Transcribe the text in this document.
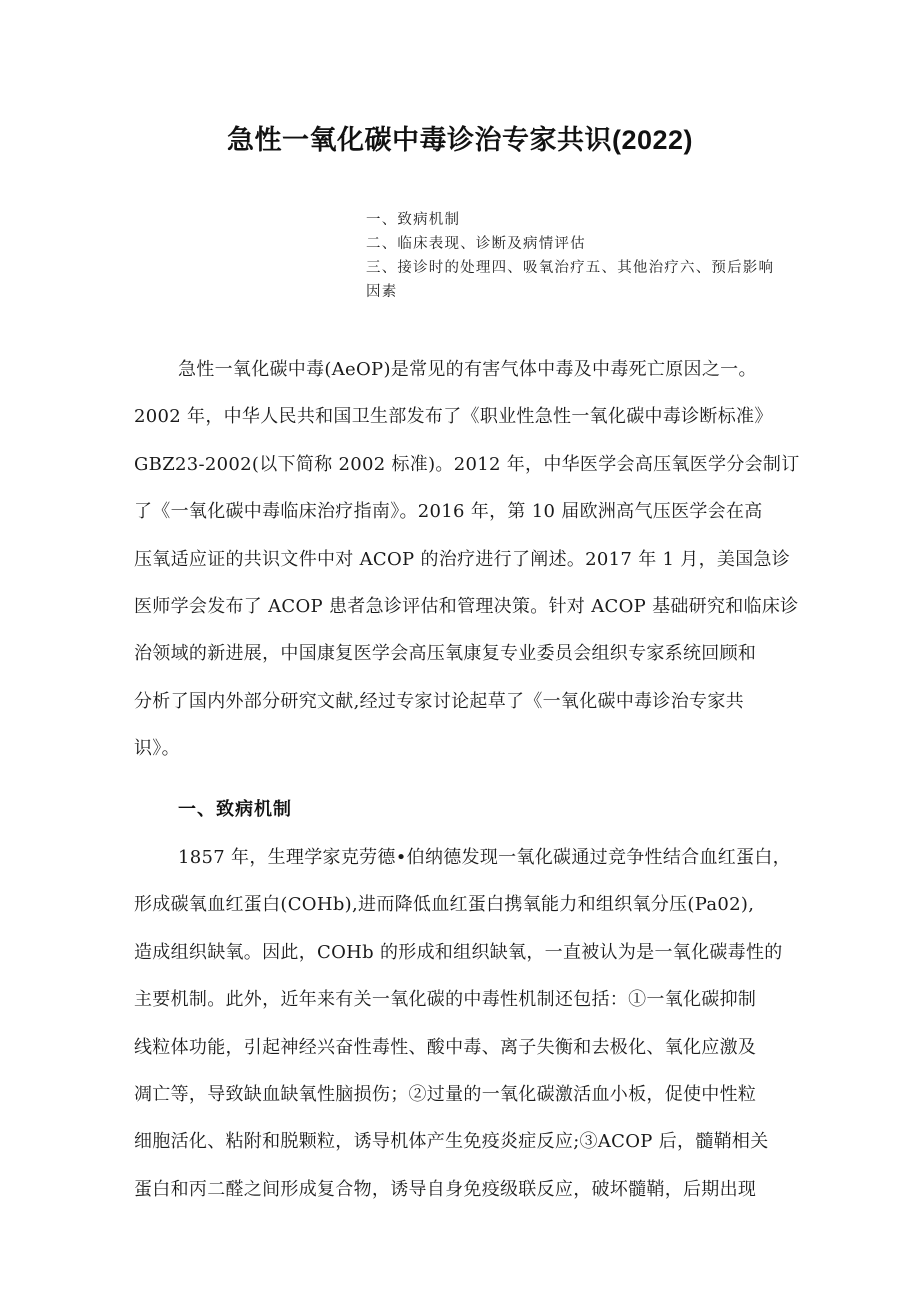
急性一氧化碳中毒诊治专家共识(2022)
一、致病机制
二、临床表现、诊断及病情评估
三、接诊时的处理四、吸氧治疗五、其他治疗六、预后影响
因素
急性一氧化碳中毒(AeOP)是常见的有害气体中毒及中毒死亡原因之一。
2002 年，中华人民共和国卫生部发布了《职业性急性一氧化碳中毒诊断标准》
GBZ23-2002(以下简称 2002 标准)。2012 年，中华医学会高压氧医学分会制订
了《一氧化碳中毒临床治疗指南》。2016 年，第 10 届欧洲高气压医学会在高
压氧适应证的共识文件中对 ACOP 的治疗进行了阐述。2017 年 1 月，美国急诊
医师学会发布了 ACOP 患者急诊评估和管理决策。针对 ACOP 基础研究和临床诊
治领域的新进展，中国康复医学会高压氧康复专业委员会组织专家系统回顾和
分析了国内外部分研究文献,经过专家讨论起草了《一氧化碳中毒诊治专家共
识》。
一、致病机制
1857 年，生理学家克劳德•伯纳德发现一氧化碳通过竞争性结合血红蛋白，
形成碳氧血红蛋白(COHb),进而降低血红蛋白携氧能力和组织氧分压(Pa02),
造成组织缺氧。因此，COHb 的形成和组织缺氧，一直被认为是一氧化碳毒性的
主要机制。此外，近年来有关一氧化碳的中毒性机制还包括：①一氧化碳抑制
线粒体功能，引起神经兴奋性毒性、酸中毒、离子失衡和去极化、氧化应激及
凋亡等，导致缺血缺氧性脑损伤；②过量的一氧化碳激活血小板，促使中性粒
细胞活化、粘附和脱颗粒，诱导机体产生免疫炎症反应;③ACOP 后，髓鞘相关
蛋白和丙二醛之间形成复合物，诱导自身免疫级联反应，破坏髓鞘，后期出现
